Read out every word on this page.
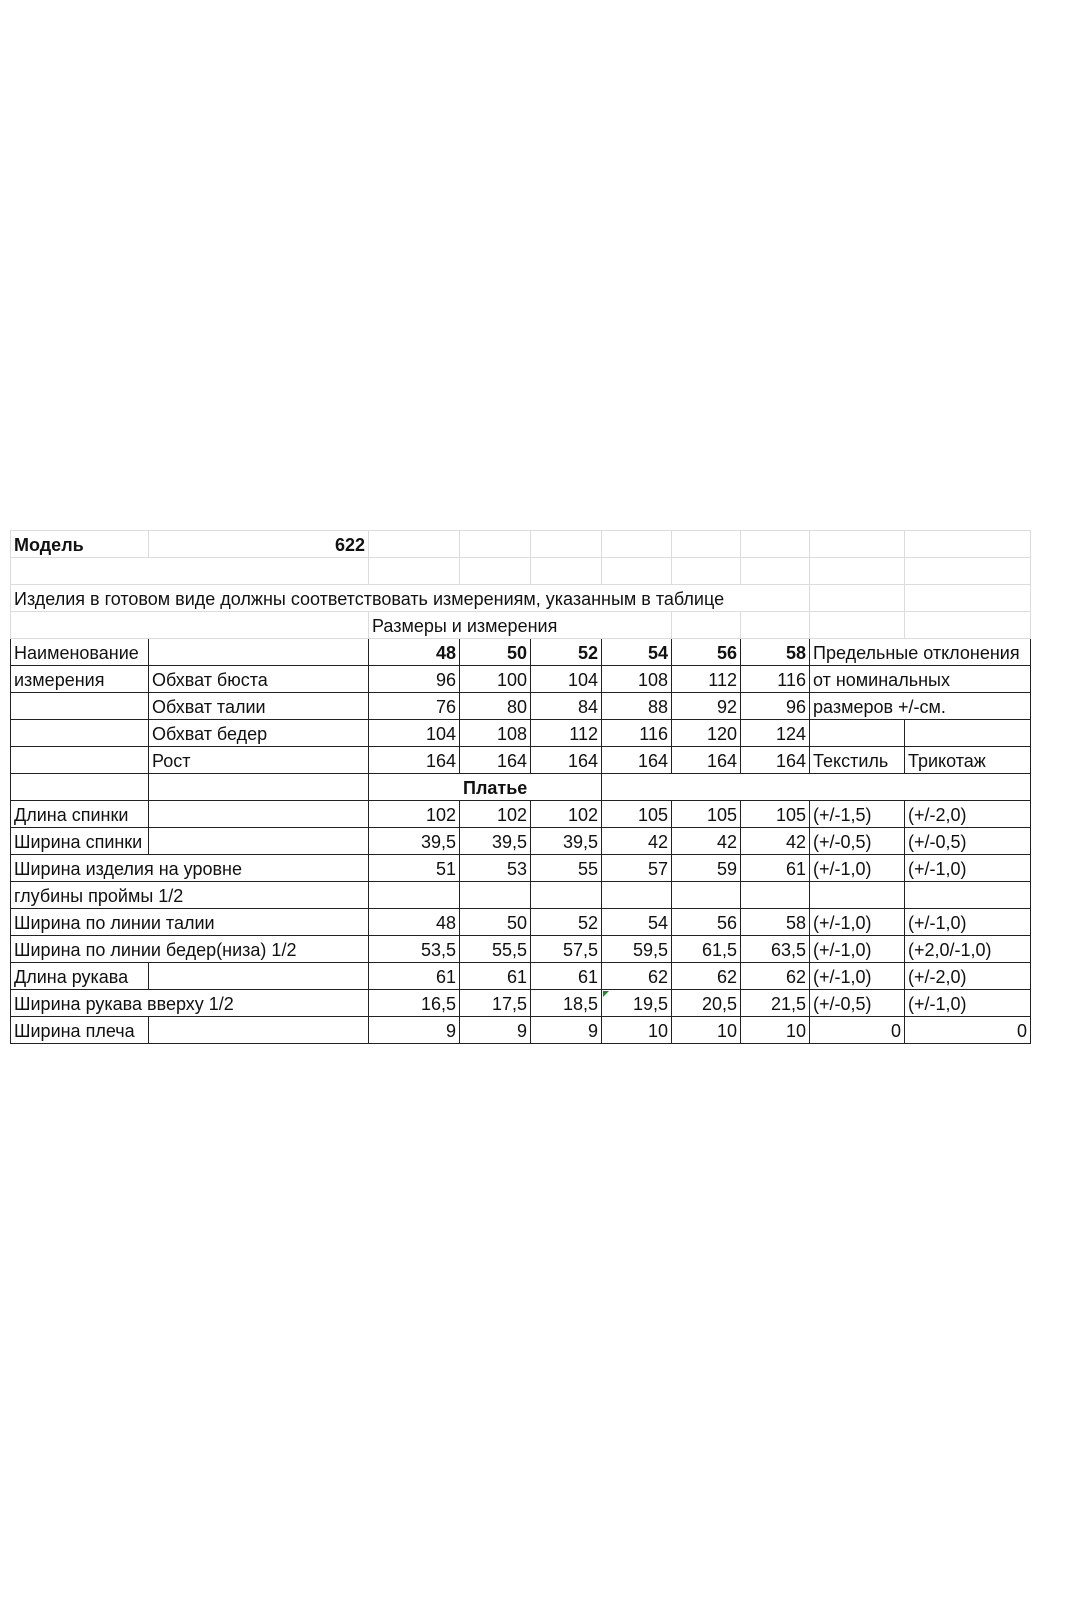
Модель	622								

Изделия в готовом виде должны соответствовать измерениям, указанным в таблице									
		Размеры и измерения							
Наименование		48	50	52	54	56	58	Предельные отклонения	
измерения	Обхват бюста	96	100	104	108	112	116	от номинальных	
	Обхват талии	76	80	84	88	92	96	размеров +/-см.	
	Обхват бедер	104	108	112	116	120	124		
	Рост	164	164	164	164	164	164	Текстиль	Трикотаж
		Платье							
Длина спинки		102	102	102	105	105	105	(+/-1,5)	(+/-2,0)
Ширина спинки		39,5	39,5	39,5	42	42	42	(+/-0,5)	(+/-0,5)
Ширина изделия на уровне		51	53	55	57	59	61	(+/-1,0)	(+/-1,0)
глубины проймы 1/2									
Ширина по линии талии		48	50	52	54	56	58	(+/-1,0)	(+/-1,0)
Ширина по линии бедер(низа) 1/2		53,5	55,5	57,5	59,5	61,5	63,5	(+/-1,0)	(+2,0/-1,0)
Длина рукава		61	61	61	62	62	62	(+/-1,0)	(+/-2,0)
Ширина рукава вверху 1/2		16,5	17,5	18,5	19,5	20,5	21,5	(+/-0,5)	(+/-1,0)
Ширина плеча		9	9	9	10	10	10	0	0
